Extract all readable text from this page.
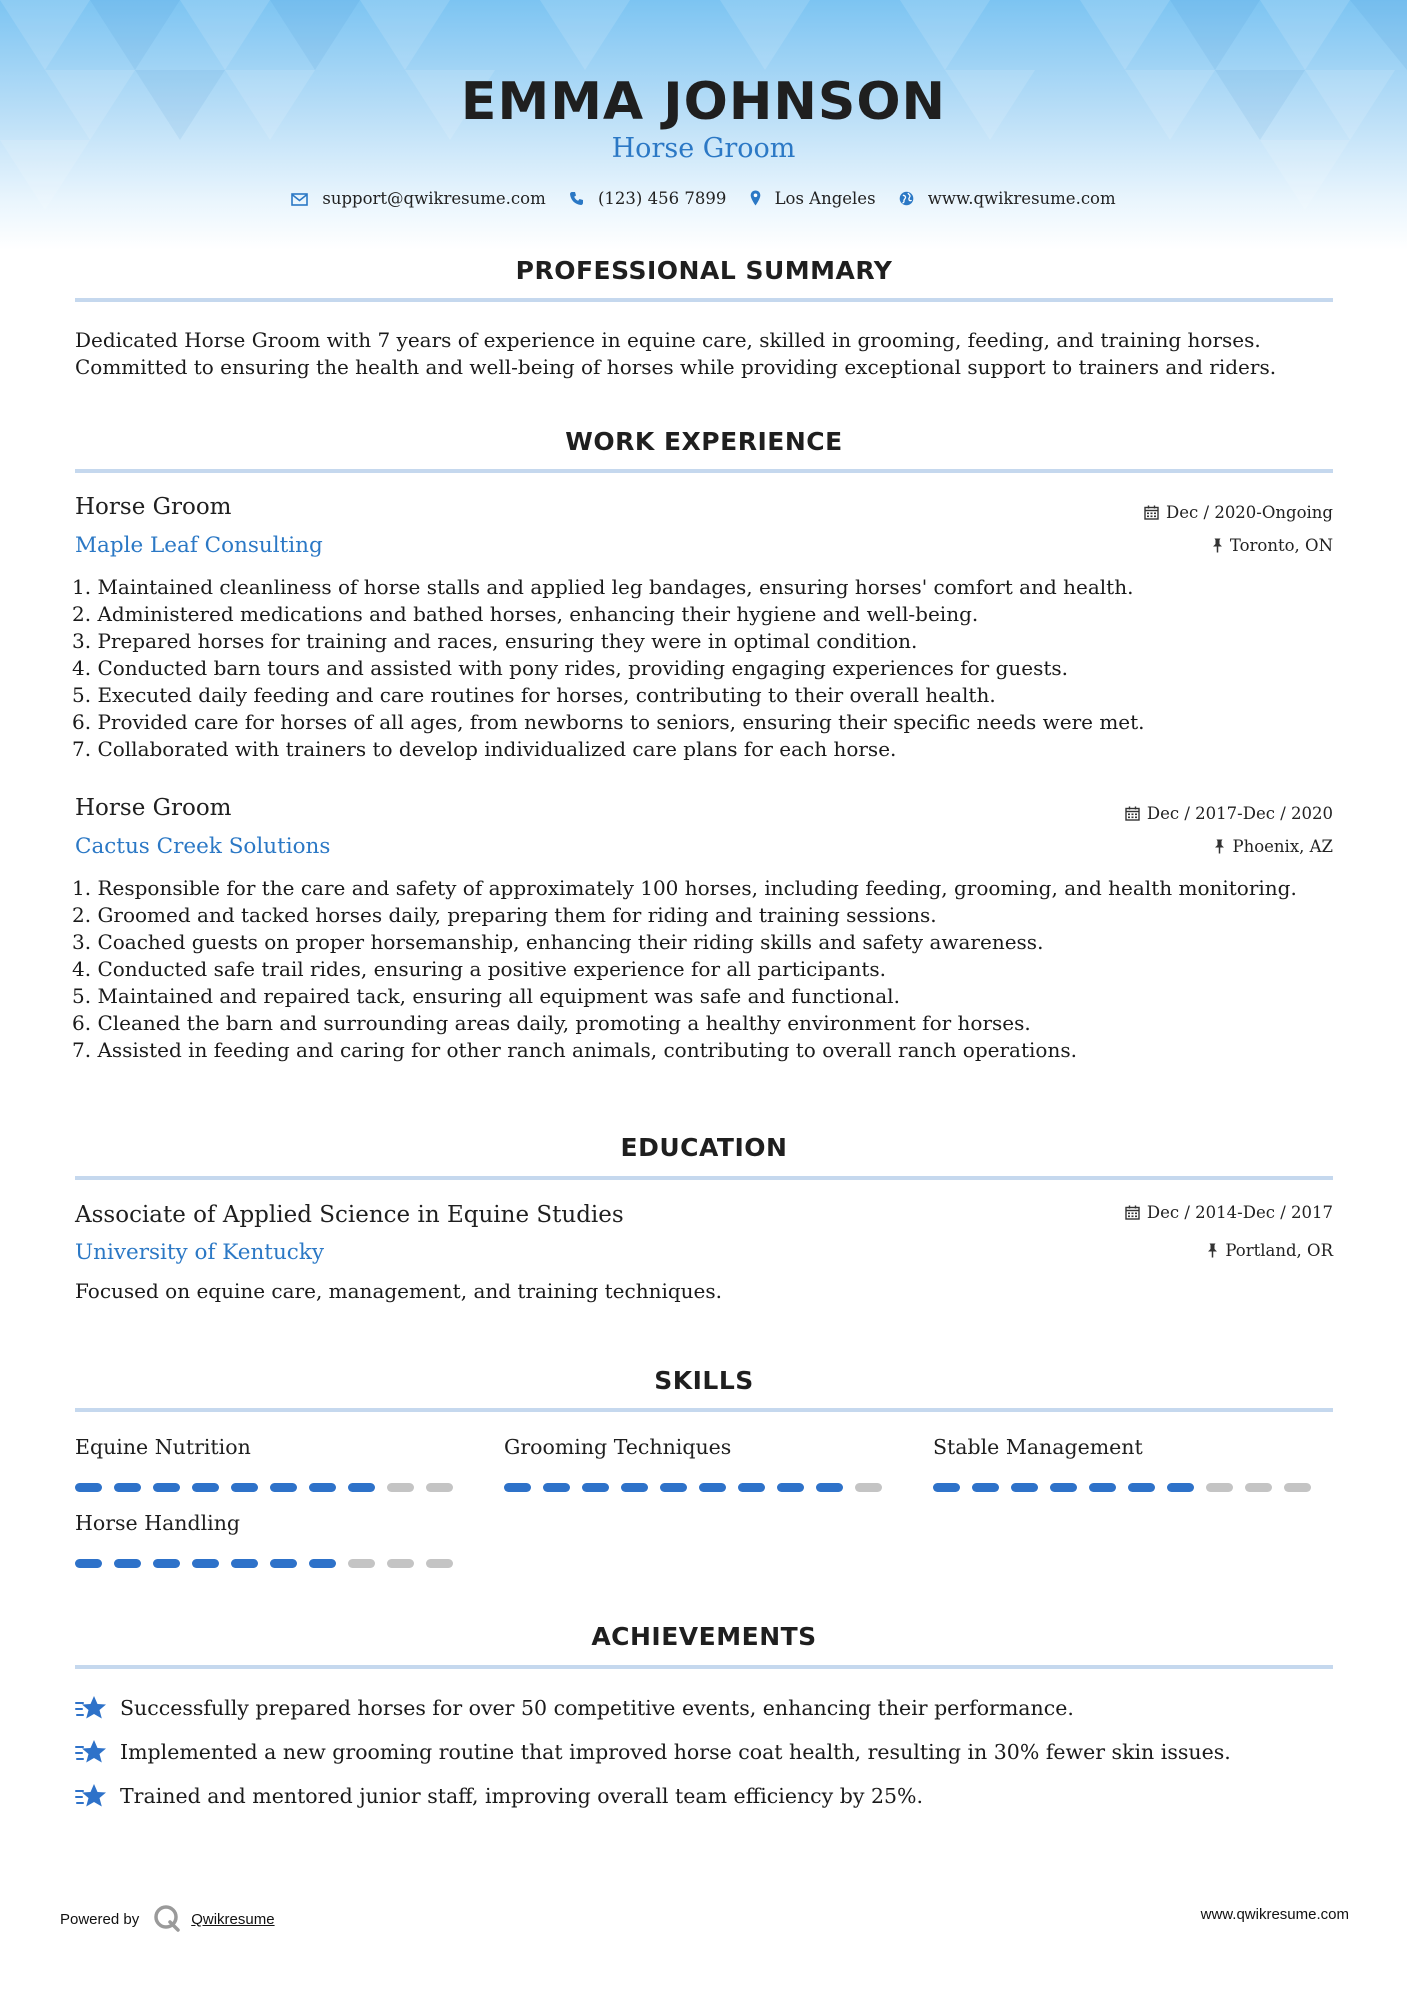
EMMA JOHNSON
Horse Groom
support@qwikresume.com	(123) 456 7899	Los Angeles	www.qwikresume.com
PROFESSIONAL SUMMARY
Dedicated Horse Groom with 7 years of experience in equine care, skilled in grooming, feeding, and training horses.
Committed to ensuring the health and well-being of horses while providing exceptional support to trainers and riders.
WORK EXPERIENCE
Horse Groom
Maple Leaf Consulting
Dec / 2020-Ongoing
Toronto, ON
1. Maintained cleanliness of horse stalls and applied leg bandages, ensuring horses' comfort and health.
2. Administered medications and bathed horses, enhancing their hygiene and well-being.
3. Prepared horses for training and races, ensuring they were in optimal condition.
4. Conducted barn tours and assisted with pony rides, providing engaging experiences for guests.
5. Executed daily feeding and care routines for horses, contributing to their overall health.
6. Provided care for horses of all ages, from newborns to seniors, ensuring their specific needs were met.
7. Collaborated with trainers to develop individualized care plans for each horse.
Horse Groom
Cactus Creek Solutions
Dec / 2017-Dec / 2020
Phoenix, AZ
1. Responsible for the care and safety of approximately 100 horses, including feeding, grooming, and health monitoring.
2. Groomed and tacked horses daily, preparing them for riding and training sessions.
3. Coached guests on proper horsemanship, enhancing their riding skills and safety awareness.
4. Conducted safe trail rides, ensuring a positive experience for all participants.
5. Maintained and repaired tack, ensuring all equipment was safe and functional.
6. Cleaned the barn and surrounding areas daily, promoting a healthy environment for horses.
7. Assisted in feeding and caring for other ranch animals, contributing to overall ranch operations.
EDUCATION
Associate of Applied Science in Equine Studies
University of Kentucky
Dec / 2014-Dec / 2017
Portland, OR
Focused on equine care, management, and training techniques.
SKILLS
Equine Nutrition	Grooming Techniques	Stable Management
Horse Handling
ACHIEVEMENTS
Successfully prepared horses for over 50 competitive events, enhancing their performance.
Implemented a new grooming routine that improved horse coat health, resulting in 30% fewer skin issues.
Trained and mentored junior staff, improving overall team efficiency by 25%.
Powered by	Qwikresume	www.qwikresume.com
